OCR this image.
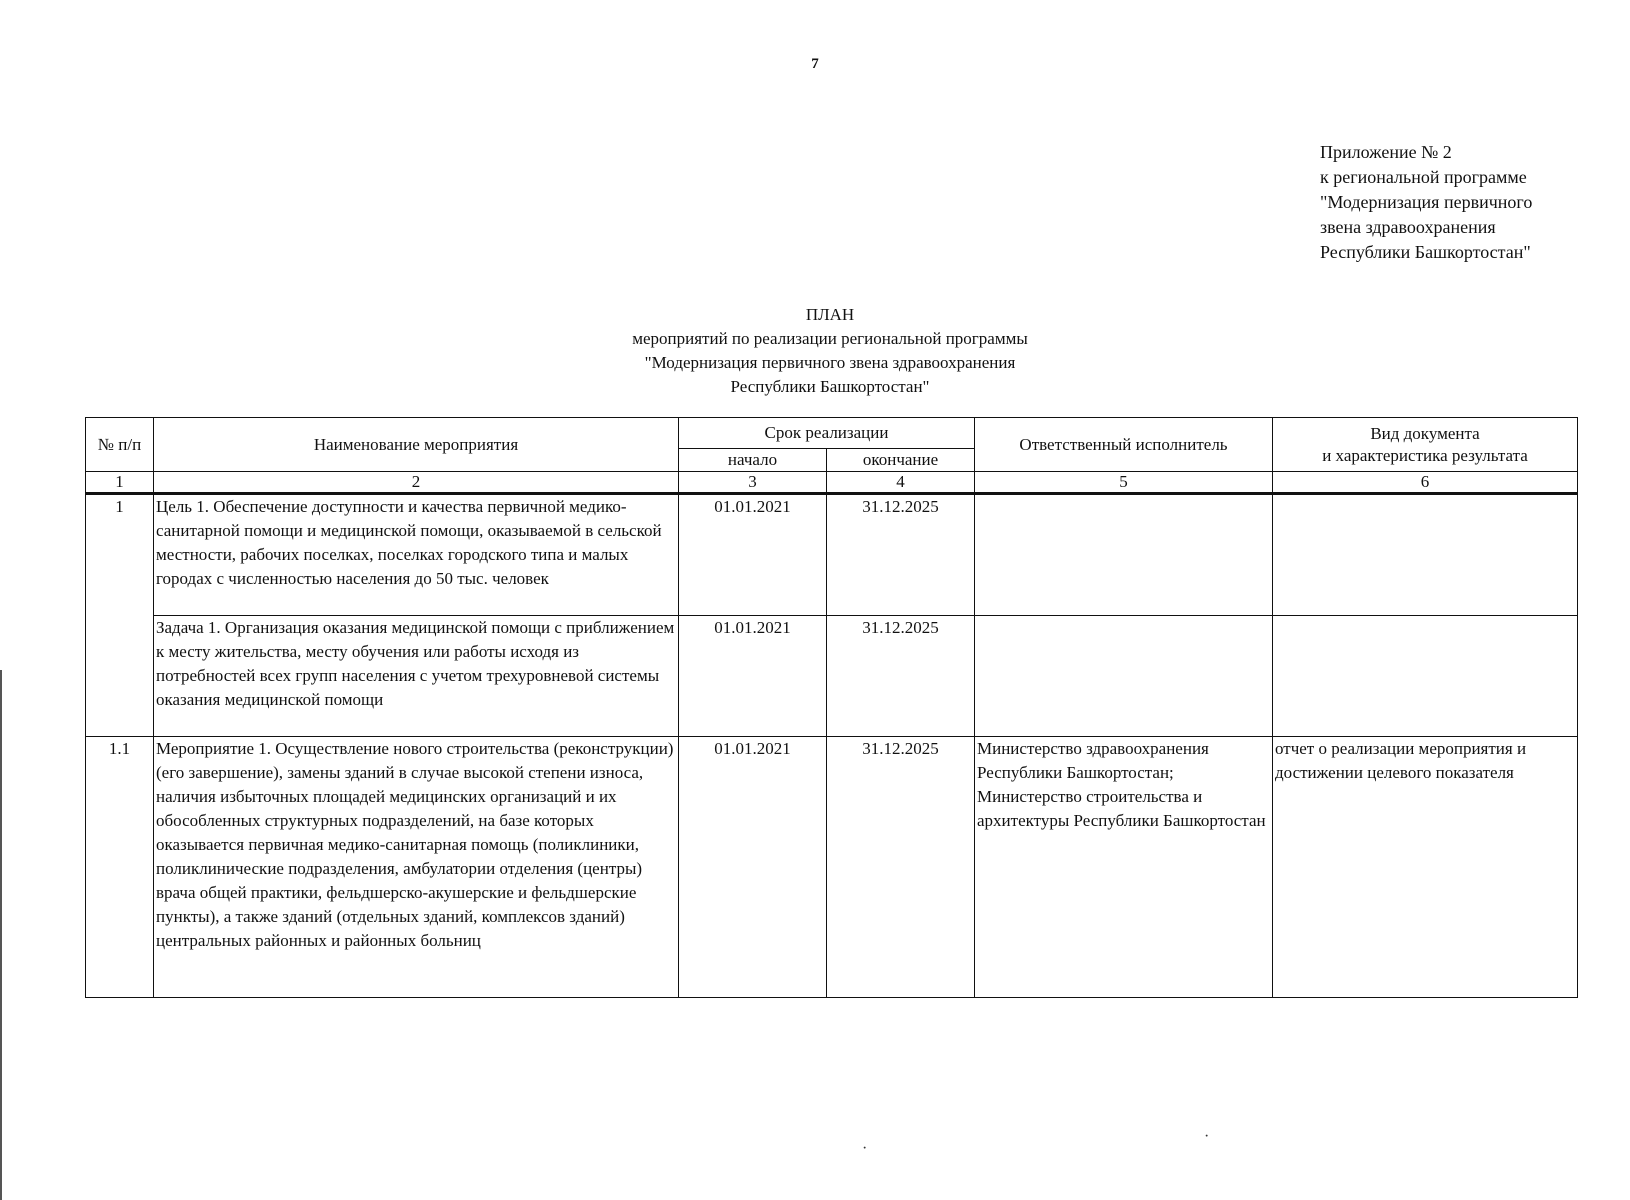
7
Приложение № 2
к региональной программе
"Модернизация первичного
звена здравоохранения
Республики Башкортостан"
ПЛАН
мероприятий по реализации региональной программы
"Модернизация первичного звена здравоохранения
Республики Башкортостан"
№ п/п	Наименование мероприятия	Срок реализации		Ответственный исполнитель	Вид документа
и характеристика результата

		начало	окончание		
1	2	3	4	5	6
1	Цель 1. Обеспечение доступности и качества первичной медико-санитарной помощи и медицинской помощи, оказываемой в сельской местности, рабочих поселках, поселках городского типа и малых городах с численностью населения до 50 тыс. человек	01.01.2021	31.12.2025		
	Задача 1. Организация оказания медицинской помощи с приближением к месту жительства, месту обучения или работы исходя из потребностей всех групп населения с учетом трехуровневой системы оказания медицинской помощи	01.01.2021	31.12.2025		
1.1	Мероприятие 1. Осуществление нового строительства (реконструкции) (его завершение), замены зданий в случае высокой степени износа, наличия избыточных площадей медицинских организаций и их обособленных структурных подразделений, на базе которых оказывается первичная медико-санитарная помощь (поликлиники, поликлинические подразделения, амбулатории отделения (центры) врача общей практики, фельдшерско-акушерские и фельдшерские пункты), а также зданий (отдельных зданий, комплексов зданий) центральных районных и районных больниц	01.01.2021	31.12.2025	Министерство здравоохранения Республики Башкортостан; Министерство строительства и архитектуры Республики Башкортостан	отчет о реализации мероприятия и достижении целевого показателя
·
·
